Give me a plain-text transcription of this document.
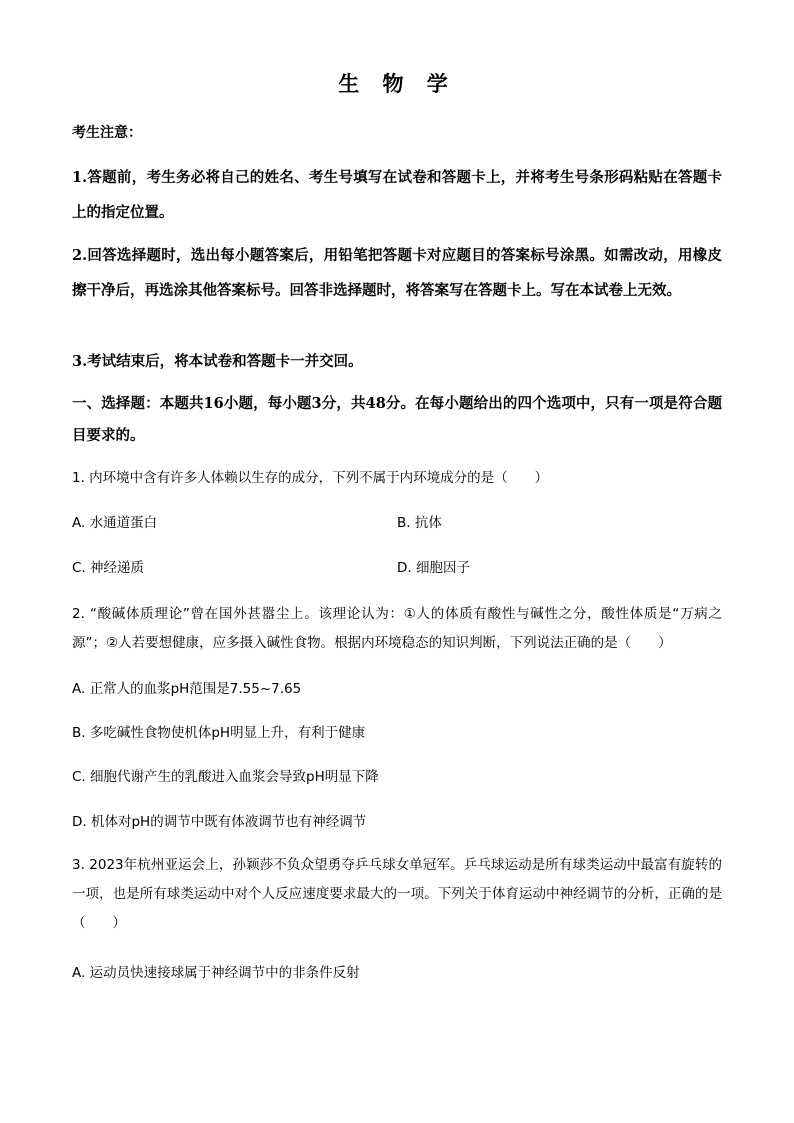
生 物 学
考生注意：
1.答题前，考生务必将自己的姓名、考生号填写在试卷和答题卡上，并将考生号条形码粘贴在答题卡上的指定位置。
2.回答选择题时，选出每小题答案后，用铅笔把答题卡对应题目的答案标号涂黑。如需改动，用橡皮擦干净后，再选涂其他答案标号。回答非选择题时，将答案写在答题卡上。写在本试卷上无效。
3.考试结束后，将本试卷和答题卡一并交回。
一、选择题：本题共16小题，每小题3分，共48分。在每小题给出的四个选项中，只有一项是符合题目要求的。
1. 内环境中含有许多人体赖以生存的成分，下列不属于内环境成分的是（　　）
A. 水通道蛋白	B. 抗体
C. 神经递质	D. 细胞因子
2. “酸碱体质理论”曾在国外甚嚣尘上。该理论认为：①人的体质有酸性与碱性之分，酸性体质是“万病之源”；②人若要想健康，应多摄入碱性食物。根据内环境稳态的知识判断，下列说法正确的是（　　）
A. 正常人的血浆pH范围是7.55~7.65
B. 多吃碱性食物使机体pH明显上升，有利于健康
C. 细胞代谢产生的乳酸进入血浆会导致pH明显下降
D. 机体对pH的调节中既有体液调节也有神经调节
3. 2023年杭州亚运会上，孙颖莎不负众望勇夺乒乓球女单冠军。乒乓球运动是所有球类运动中最富有旋转的一项，也是所有球类运动中对个人反应速度要求最大的一项。下列关于体育运动中神经调节的分析，正确的是（　　）
A. 运动员快速接球属于神经调节中的非条件反射
